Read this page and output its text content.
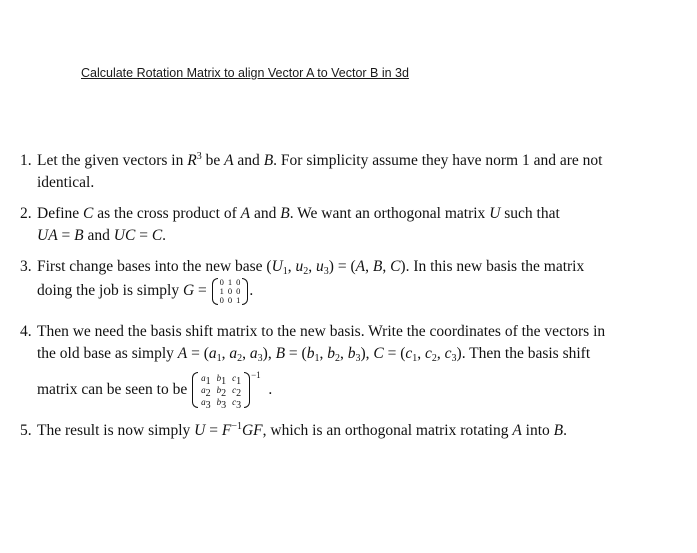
Calculate Rotation Matrix to align Vector A to Vector B in 3d
1. Let the given vectors in $R^3$ be A and B. For simplicity assume they have norm 1 and are not
identical.
2. Define C as the cross product of A and B. We want an orthogonal matrix U such that
UA = B and UC = C.
3. First change bases into the new base ($U_1$, $u_2$, $u_3) = (A$, B, C). In this new basis the matrix
doing the job is simply G =
0	1	0
1	0	0
0	0	1
.
4. Then we need the basis shift matrix to the new basis. Write the coordinates of the vectors in
the old base as simply $A = (a_1$, $a_2$, $a_3$), $B = (b_1$, $b_2$, $b_3$), $C = (c_1$, $c_2$, $c_3$). Then the basis shift
matrix can be seen to be
$a_1$	$b_1$	$c_1$
$a_2$	$b_2$	$c_2$
$a_3$	$b_3$	$c_3$
$^{-1}$  .
5. The result is now simply $U = F^{-1}GF$, which is an orthogonal matrix rotating A into B.
